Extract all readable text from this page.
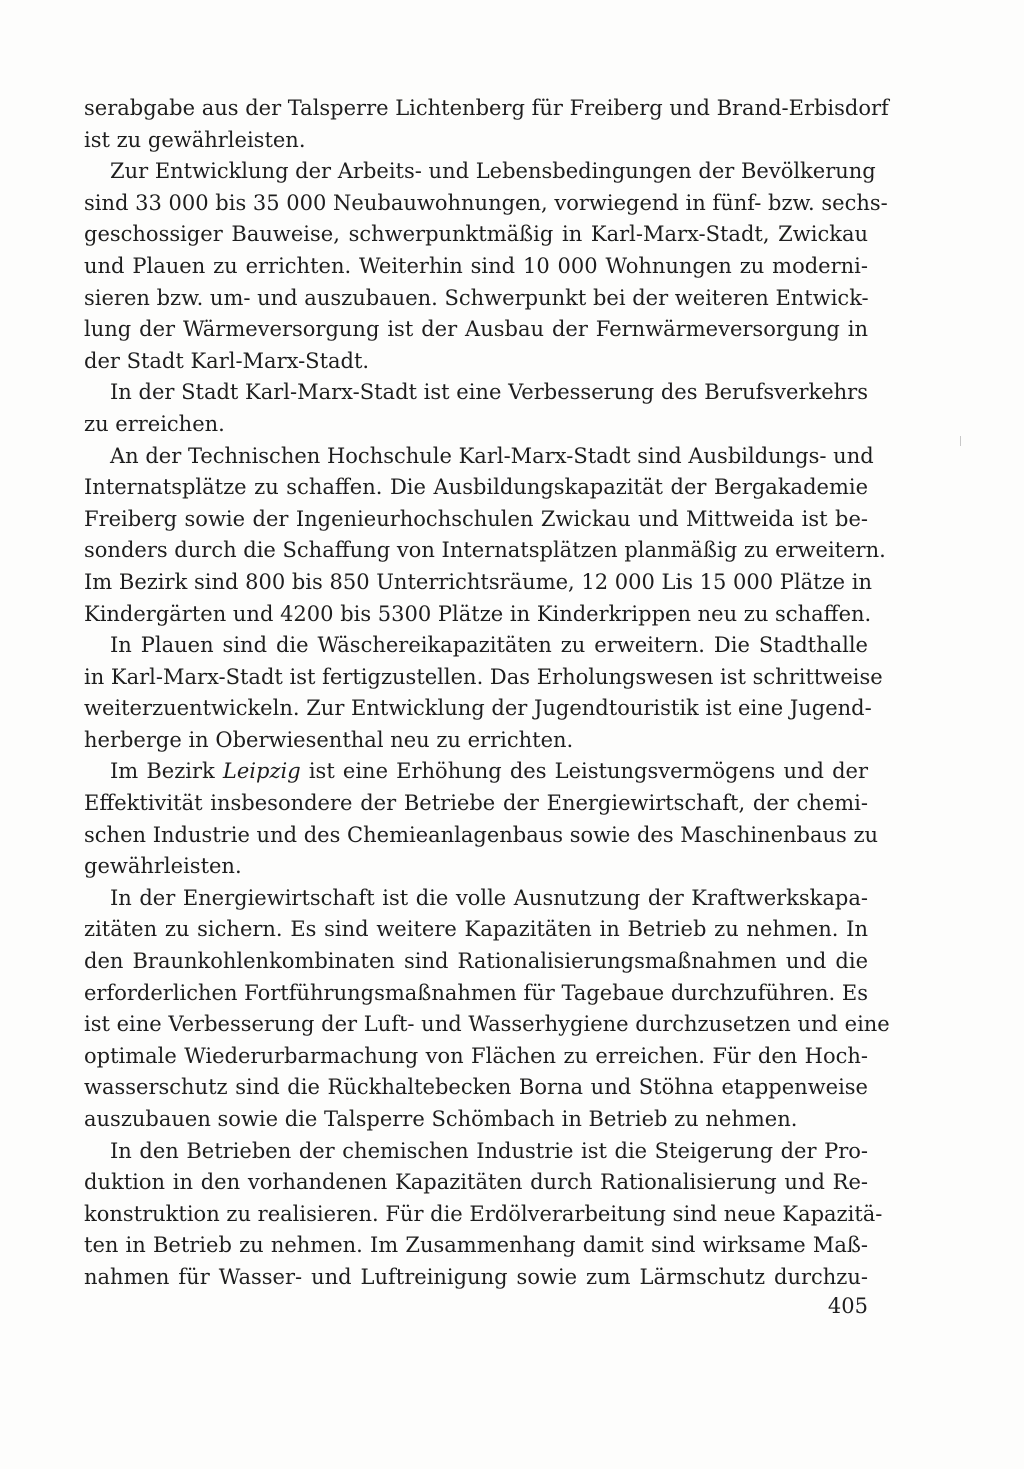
serabgabe aus der Talsperre Lichtenberg für Freiberg und Brand-Erbisdorf
ist zu gewährleisten.
Zur Entwicklung der Arbeits- und Lebensbedingungen der Bevölkerung
sind 33 000 bis 35 000 Neubauwohnungen, vorwiegend in fünf- bzw. sechs-
geschossiger Bauweise, schwerpunktmäßig in Karl-Marx-Stadt, Zwickau
und Plauen zu errichten. Weiterhin sind 10 000 Wohnungen zu moderni-
sieren bzw. um- und auszubauen. Schwerpunkt bei der weiteren Entwick-
lung der Wärmeversorgung ist der Ausbau der Fernwärmeversorgung in
der Stadt Karl-Marx-Stadt.
In der Stadt Karl-Marx-Stadt ist eine Verbesserung des Berufsverkehrs
zu erreichen.
An der Technischen Hochschule Karl-Marx-Stadt sind Ausbildungs- und
Internatsplätze zu schaffen. Die Ausbildungskapazität der Bergakademie
Freiberg sowie der Ingenieurhochschulen Zwickau und Mittweida ist be-
sonders durch die Schaffung von Internatsplätzen planmäßig zu erweitern.
Im Bezirk sind 800 bis 850 Unterrichtsräume, 12 000 Lis 15 000 Plätze in
Kindergärten und 4200 bis 5300 Plätze in Kinderkrippen neu zu schaffen.
In Plauen sind die Wäschereikapazitäten zu erweitern. Die Stadthalle
in Karl-Marx-Stadt ist fertigzustellen. Das Erholungswesen ist schrittweise
weiterzuentwickeln. Zur Entwicklung der Jugendtouristik ist eine Jugend-
herberge in Oberwiesenthal neu zu errichten.
Im Bezirk Leipzig ist eine Erhöhung des Leistungsvermögens und der
Effektivität insbesondere der Betriebe der Energiewirtschaft, der chemi-
schen Industrie und des Chemieanlagenbaus sowie des Maschinenbaus zu
gewährleisten.
In der Energiewirtschaft ist die volle Ausnutzung der Kraftwerkskapa-
zitäten zu sichern. Es sind weitere Kapazitäten in Betrieb zu nehmen. In
den Braunkohlenkombinaten sind Rationalisierungsmaßnahmen und die
erforderlichen Fortführungsmaßnahmen für Tagebaue durchzuführen. Es
ist eine Verbesserung der Luft- und Wasserhygiene durchzusetzen und eine
optimale Wiederurbarmachung von Flächen zu erreichen. Für den Hoch-
wasserschutz sind die Rückhaltebecken Borna und Stöhna etappenweise
auszubauen sowie die Talsperre Schömbach in Betrieb zu nehmen.
In den Betrieben der chemischen Industrie ist die Steigerung der Pro-
duktion in den vorhandenen Kapazitäten durch Rationalisierung und Re-
konstruktion zu realisieren. Für die Erdölverarbeitung sind neue Kapazitä-
ten in Betrieb zu nehmen. Im Zusammenhang damit sind wirksame Maß-
nahmen für Wasser- und Luftreinigung sowie zum Lärmschutz durchzu-
405
